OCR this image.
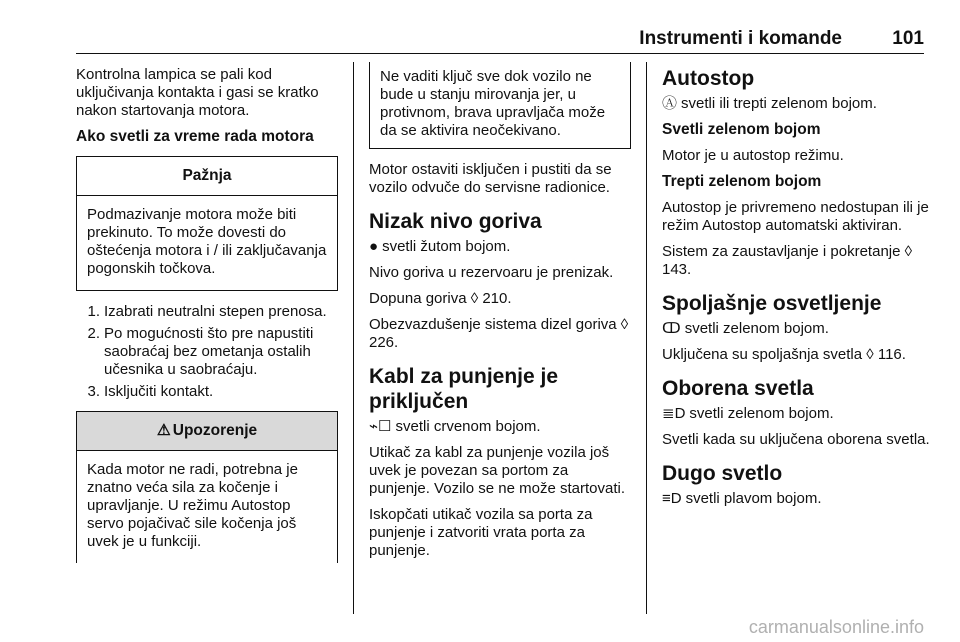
Instrumenti i komande	101

Kontrolna lampica se pali kod uključivanja kontakta i gasi se kratko nakon startovanja motora.

Ako svetli za vreme rada motora
Pažnja
Podmazivanje motora može biti prekinuto. To može dovesti do oštećenja motora i / ili zaključavanja pogonskih točkova.
1. Izabrati neutralni stepen prenosa.
2. Po mogućnosti što pre napustiti saobraćaj bez ometanja ostalih učesnika u saobraćaju.
3. Isključiti kontakt.
⚠ Upozorenje
Kada motor ne radi, potrebna je znatno veća sila za kočenje i upravljanje. U režimu Autostop servo pojačivač sile kočenja još uvek je u funkciji.
Ne vaditi ključ sve dok vozilo ne bude u stanju mirovanja jer, u protivnom, brava upravljača može da se aktivira neočekivano.

Motor ostaviti isključen i pustiti da se vozilo odvuče do servisne radionice.

Nizak nivo goriva

● svetli žutom bojom.

Nivo goriva u rezervoaru je prenizak.

Dopuna goriva ◊ 210.

Obezvazdušenje sistema dizel goriva ◊ 226.

Kabl za punjenje je priključen

⌁☐ svetli crvenom bojom.

Utikač za kabl za punjenje vozila još uvek je povezan sa portom za punjenje. Vozilo se ne može startovati.

Iskopčati utikač vozila sa porta za punjenje i zatvoriti vrata porta za punjenje.

Autostop

Ⓐ svetli ili trepti zelenom bojom.

Svetli zelenom bojom

Motor je u autostop režimu.

Trepti zelenom bojom

Autostop je privremeno nedostupan ili je režim Autostop automatski aktiviran.

Sistem za zaustavljanje i pokretanje ◊ 143.

Spoljašnje osvetljenje

ↀ svetli zelenom bojom.

Uključena su spoljašnja svetla ◊ 116.

Oborena svetla

≣D svetli zelenom bojom.

Svetli kada su uključena oborena svetla.

Dugo svetlo

≡D svetli plavom bojom.

carmanualsonline.info
